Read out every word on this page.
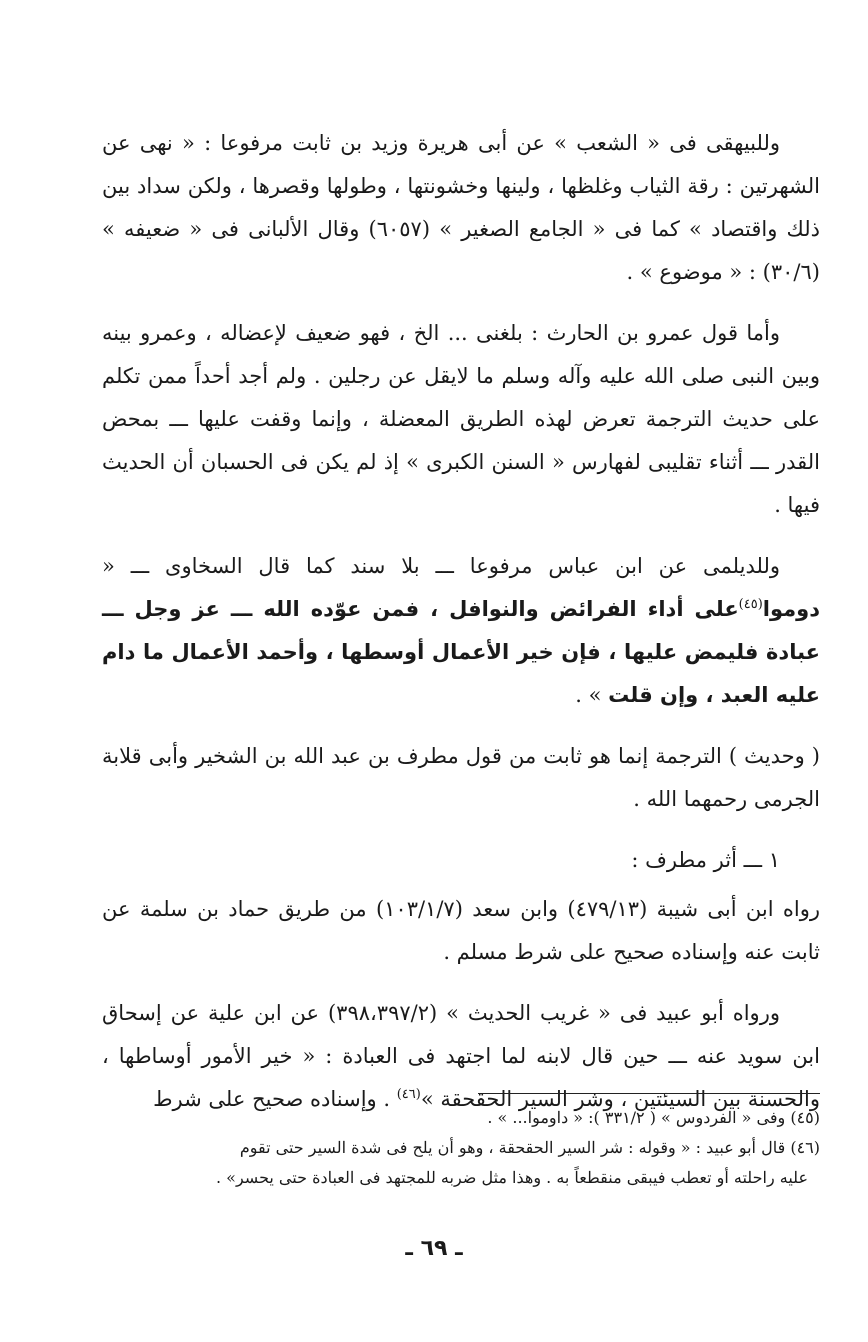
وللبيهقى فى « الشعب » عن أبى هريرة وزيد بن ثابت مرفوعا : « نهى عن الشهرتين : رقة الثياب وغلظها ، ولينها وخشونتها ، وطولها وقصرها ، ولكن سداد بين ذلك واقتصاد » كما فى « الجامع الصغير » (٦٠٥٧) وقال الألبانى فى « ضعيفه » (٣٠/٦) : « موضوع » .

وأما قول عمرو بن الحارث : بلغنى ... الخ ، فهو ضعيف لإعضاله ، وعمرو بينه وبين النبى صلى الله عليه وآله وسلم ما لايقل عن رجلين . ولم أجد أحداً ممن تكلم على حديث الترجمة تعرض لهذه الطريق المعضلة ، وإنما وقفت عليها ـــ بمحض القدر ـــ أثناء تقليبى لفهارس « السنن الكبرى » إذ لم يكن فى الحسبان أن الحديث فيها .

وللديلمى عن ابن عباس مرفوعا ـــ بلا سند كما قال السخاوى ـــ « دوموا$^{(٤٥)}$على أداء الفرائض والنوافل ، فمن عوّده الله ـــ عز وجل ـــ عبادة فليمض عليها ، فإن خير الأعمال أوسطها ، وأحمد الأعمال ما دام عليه العبد ، وإن قلت » .

( وحديث ) الترجمة إنما هو ثابت من قول مطرف بن عبد الله بن الشخير وأبى قلابة الجرمى رحمهما الله .

١ ـــ أثر مطرف :

رواه ابن أبى شيبة (٤٧٩/١٣) وابن سعد (١٠٣/١/٧) من طريق حماد بن سلمة عن ثابت عنه وإسناده صحيح على شرط مسلم .

ورواه أبو عبيد فى « غريب الحديث » (٣٩٨،٣٩٧/٢) عن ابن علية عن إسحاق ابن سويد عنه ـــ حين قال لابنه لما اجتهد فى العبادة : « خير الأمور أوساطها ، والحسنة بين السيئتين ، وشر السير الحقحقة »$^{(٤٦)}$ . وإسناده صحيح على شرط

(٤٥) وفى « الفردوس » ( ٣٣١/٢ ): « داوموا... » .

(٤٦) قال أبو عبيد : « وقوله : شر السير الحقحقة ، وهو أن يلح فى شدة السير حتى تقوم

عليه راحلته أو تعطب فيبقى منقطعاً به . وهذا مثل ضربه للمجتهد فى العبادة حتى يحسر» .

ـ ٦٩ ـ
